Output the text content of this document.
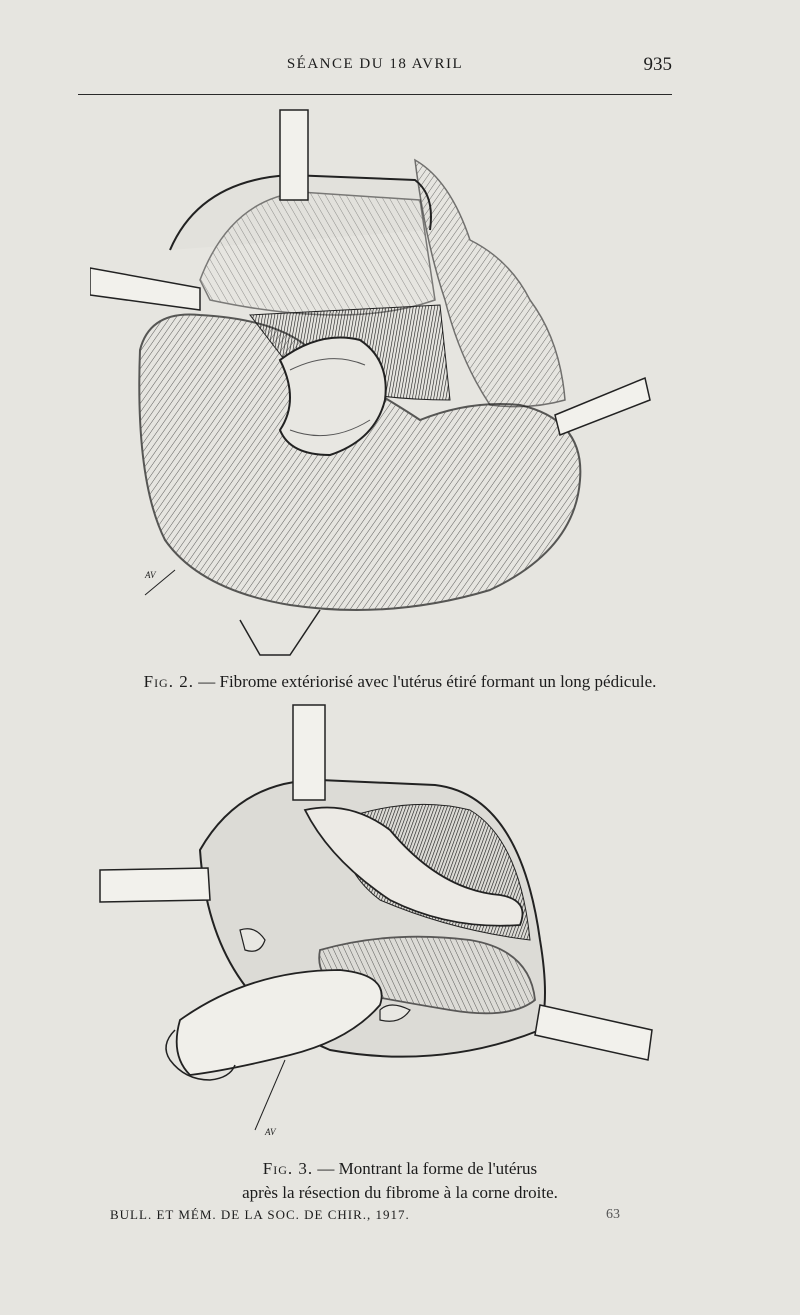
SÉANCE DU 18 AVRIL	935
AV
Fig. 2. — Fibrome extériorisé avec l'utérus étiré formant un long pédicule.
AV
Fig. 3. — Montrant la forme de l'utérus
après la résection du fibrome à la corne droite.
BULL. ET MÉM. DE LA SOC. DE CHIR., 1917.	63
